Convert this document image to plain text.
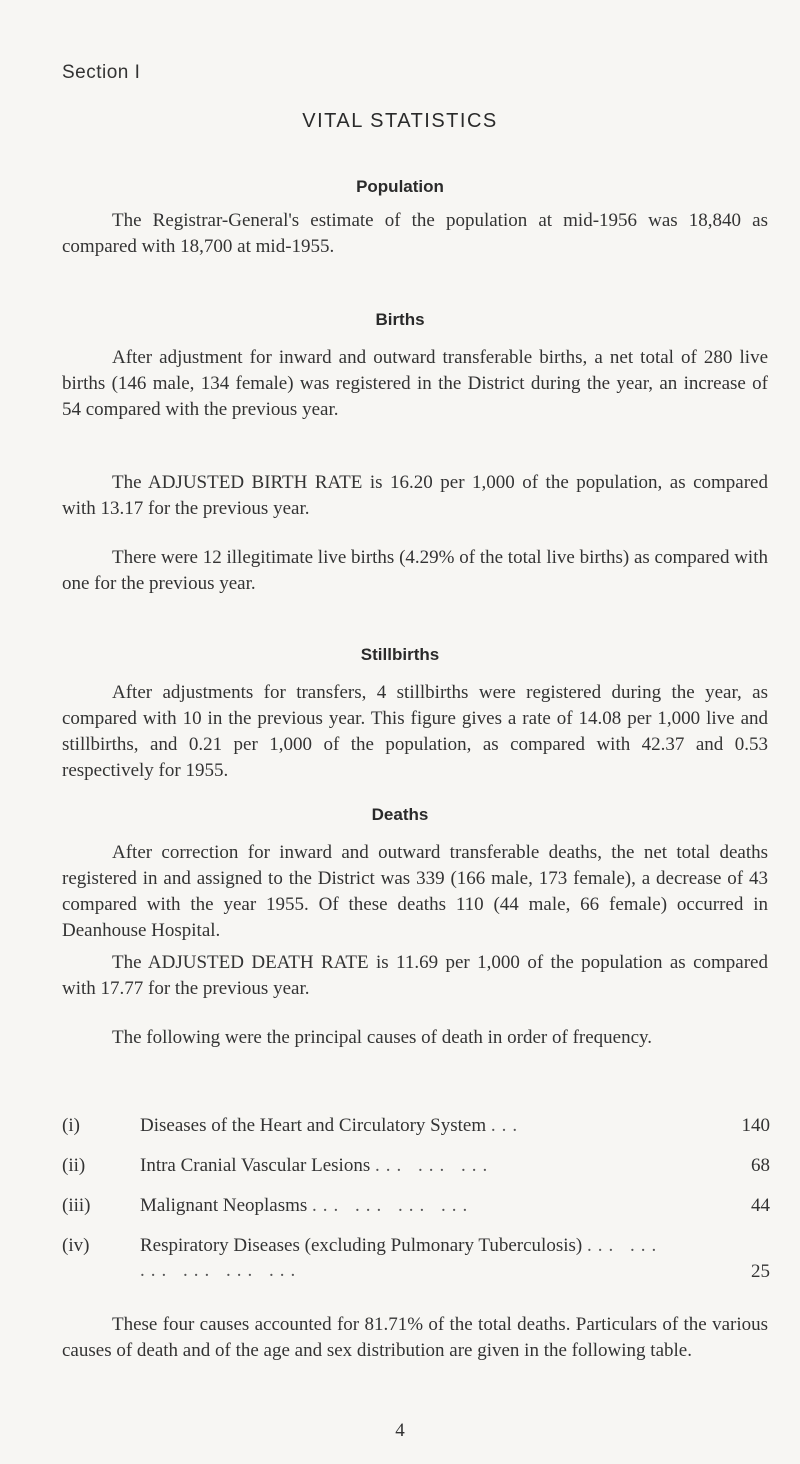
Section I
VITAL STATISTICS
Population
The Registrar-General's estimate of the population at mid-1956 was 18,840 as compared with 18,700 at mid-1955.
Births
After adjustment for inward and outward transferable births, a net total of 280 live births (146 male, 134 female) was registered in the District during the year, an increase of 54 compared with the previous year.
The ADJUSTED BIRTH RATE is 16.20 per 1,000 of the population, as compared with 13.17 for the previous year.
There were 12 illegitimate live births (4.29% of the total live births) as compared with one for the previous year.
Stillbirths
After adjustments for transfers, 4 stillbirths were registered during the year, as compared with 10 in the previous year. This figure gives a rate of 14.08 per 1,000 live and stillbirths, and 0.21 per 1,000 of the population, as compared with 42.37 and 0.53 respectively for 1955.
Deaths
After correction for inward and outward transferable deaths, the net total deaths registered in and assigned to the District was 339 (166 male, 173 female), a decrease of 43 compared with the year 1955. Of these deaths 110 (44 male, 66 female) occurred in Deanhouse Hospital.
The ADJUSTED DEATH RATE is 11.69 per 1,000 of the population as compared with 17.77 for the previous year.
The following were the principal causes of death in order of frequency.
(i)	Diseases of the Heart and Circulatory System ...	140
(ii)	Intra Cranial Vascular Lesions ... ... ...	68
(iii)	Malignant Neoplasms ... ... ... ...	44
(iv)	Respiratory Diseases (excluding Pulmonary Tuberculosis) ... ... ... ... ... ...	25
These four causes accounted for 81.71% of the total deaths. Particulars of the various causes of death and of the age and sex distribution are given in the following table.
4
